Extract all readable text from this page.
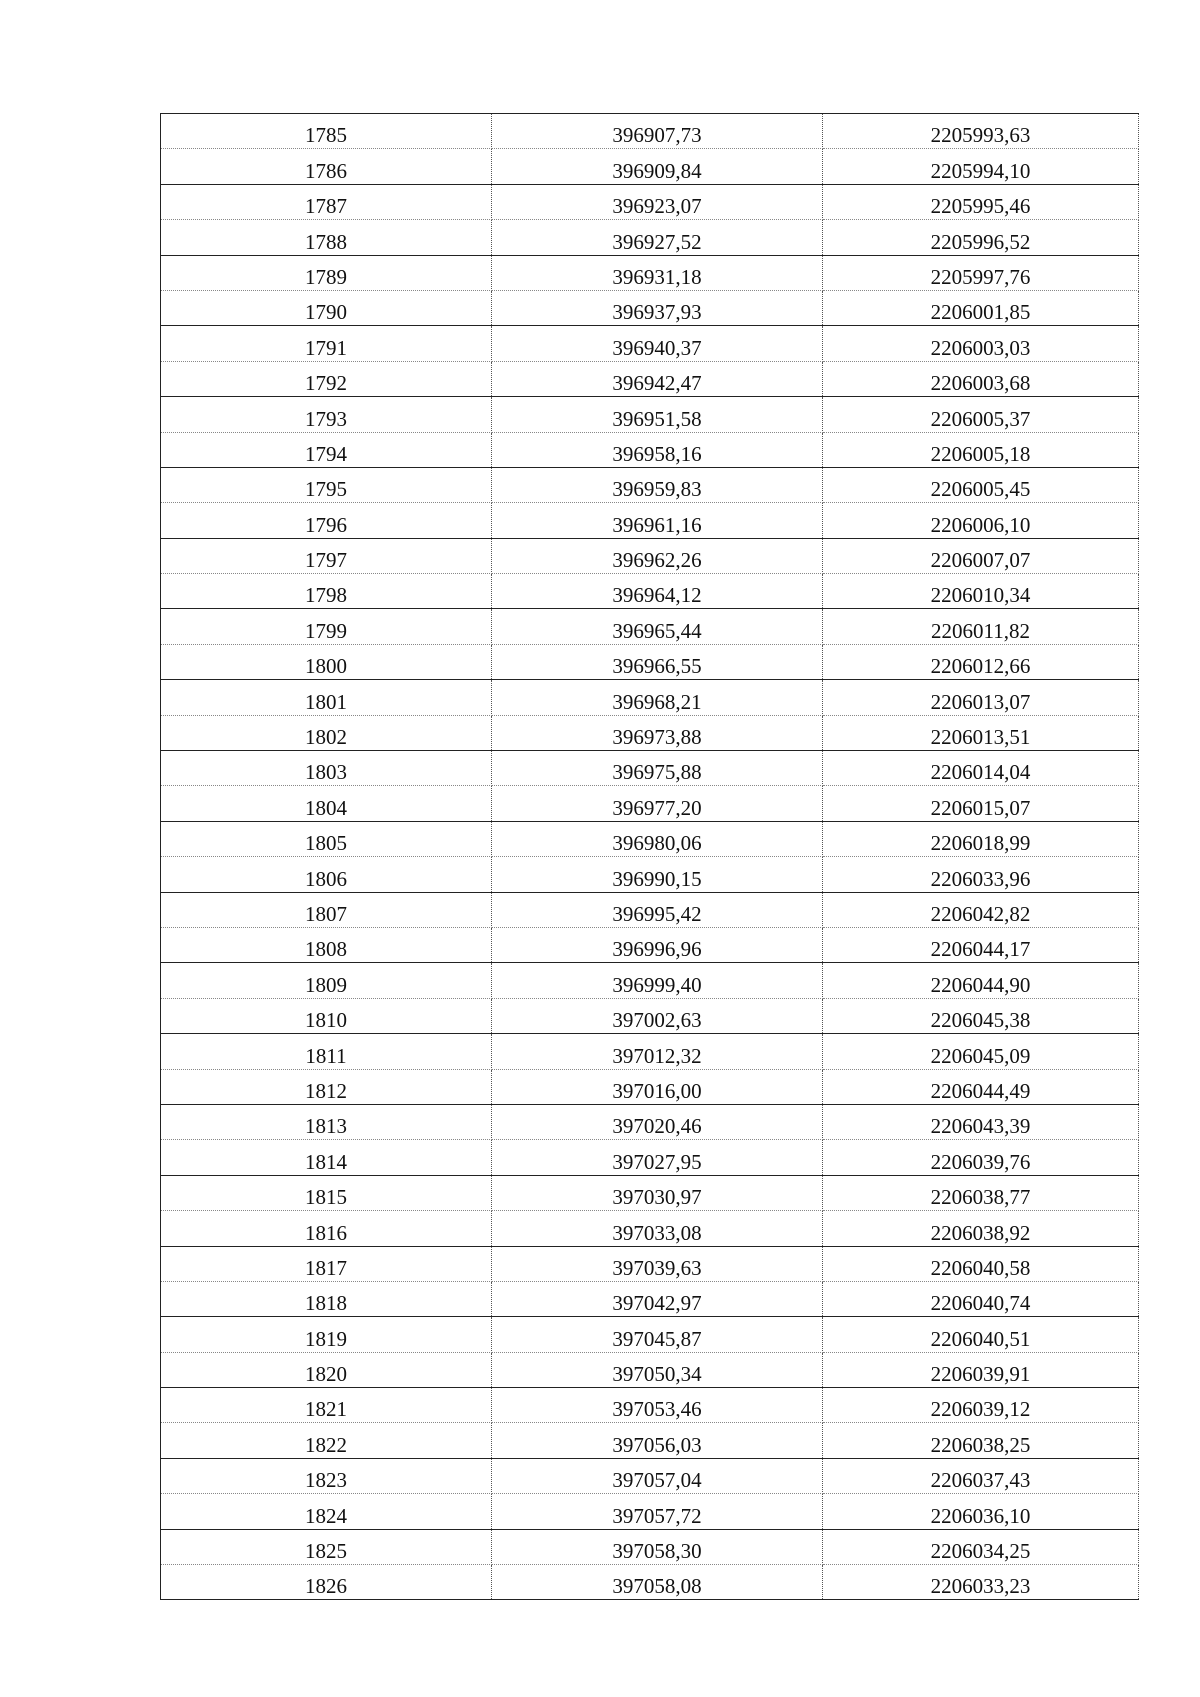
1785	396907,73	2205993,63
1786	396909,84	2205994,10
1787	396923,07	2205995,46
1788	396927,52	2205996,52
1789	396931,18	2205997,76
1790	396937,93	2206001,85
1791	396940,37	2206003,03
1792	396942,47	2206003,68
1793	396951,58	2206005,37
1794	396958,16	2206005,18
1795	396959,83	2206005,45
1796	396961,16	2206006,10
1797	396962,26	2206007,07
1798	396964,12	2206010,34
1799	396965,44	2206011,82
1800	396966,55	2206012,66
1801	396968,21	2206013,07
1802	396973,88	2206013,51
1803	396975,88	2206014,04
1804	396977,20	2206015,07
1805	396980,06	2206018,99
1806	396990,15	2206033,96
1807	396995,42	2206042,82
1808	396996,96	2206044,17
1809	396999,40	2206044,90
1810	397002,63	2206045,38
1811	397012,32	2206045,09
1812	397016,00	2206044,49
1813	397020,46	2206043,39
1814	397027,95	2206039,76
1815	397030,97	2206038,77
1816	397033,08	2206038,92
1817	397039,63	2206040,58
1818	397042,97	2206040,74
1819	397045,87	2206040,51
1820	397050,34	2206039,91
1821	397053,46	2206039,12
1822	397056,03	2206038,25
1823	397057,04	2206037,43
1824	397057,72	2206036,10
1825	397058,30	2206034,25
1826	397058,08	2206033,23
